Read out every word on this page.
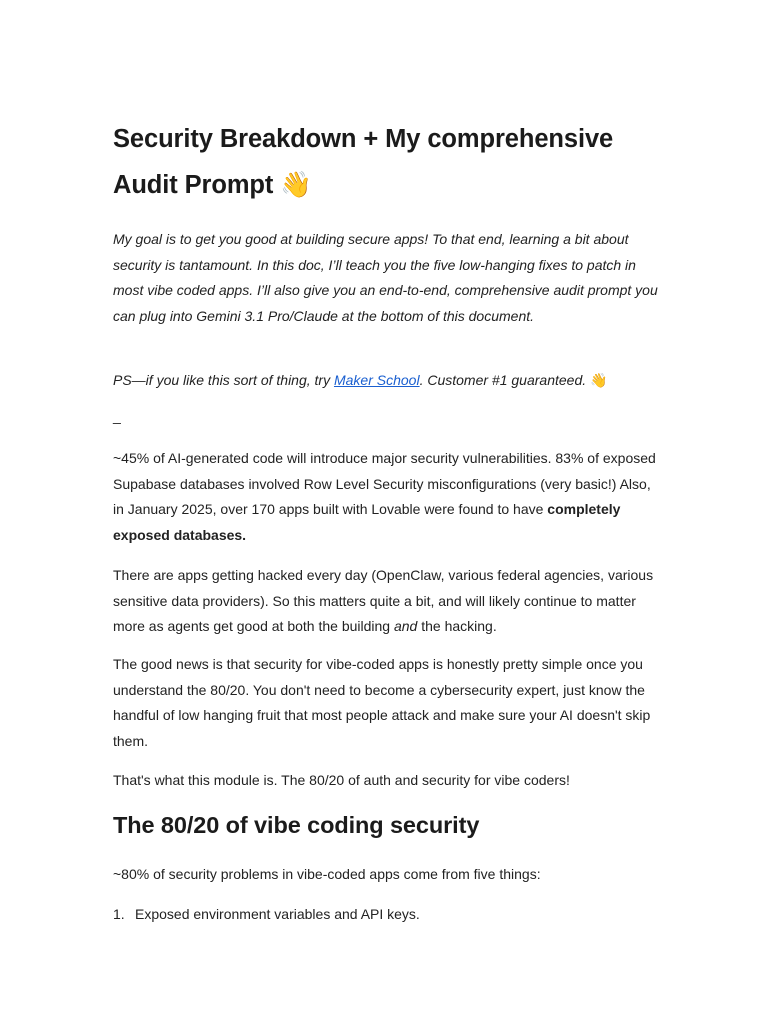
Security Breakdown + My comprehensive Audit Prompt 👋

My goal is to get you good at building secure apps! To that end, learning a bit about security is tantamount. In this doc, I’ll teach you the five low-hanging fixes to patch in most vibe coded apps. I’ll also give you an end-to-end, comprehensive audit prompt you can plug into Gemini 3.1 Pro/Claude at the bottom of this document.

PS—if you like this sort of thing, try Maker School. Customer #1 guaranteed. 👋

_

~45% of AI-generated code will introduce major security vulnerabilities. 83% of exposed Supabase databases involved Row Level Security misconfigurations (very basic!) Also, in January 2025, over 170 apps built with Lovable were found to have completely exposed databases.

There are apps getting hacked every day (OpenClaw, various federal agencies, various sensitive data providers). So this matters quite a bit, and will likely continue to matter more as agents get good at both the building and the hacking.

The good news is that security for vibe-coded apps is honestly pretty simple once you understand the 80/20. You don't need to become a cybersecurity expert, just know the handful of low hanging fruit that most people attack and make sure your AI doesn't skip them.

That's what this module is. The 80/20 of auth and security for vibe coders!

The 80/20 of vibe coding security

~80% of security problems in vibe-coded apps come from five things:

1. Exposed environment variables and API keys.
